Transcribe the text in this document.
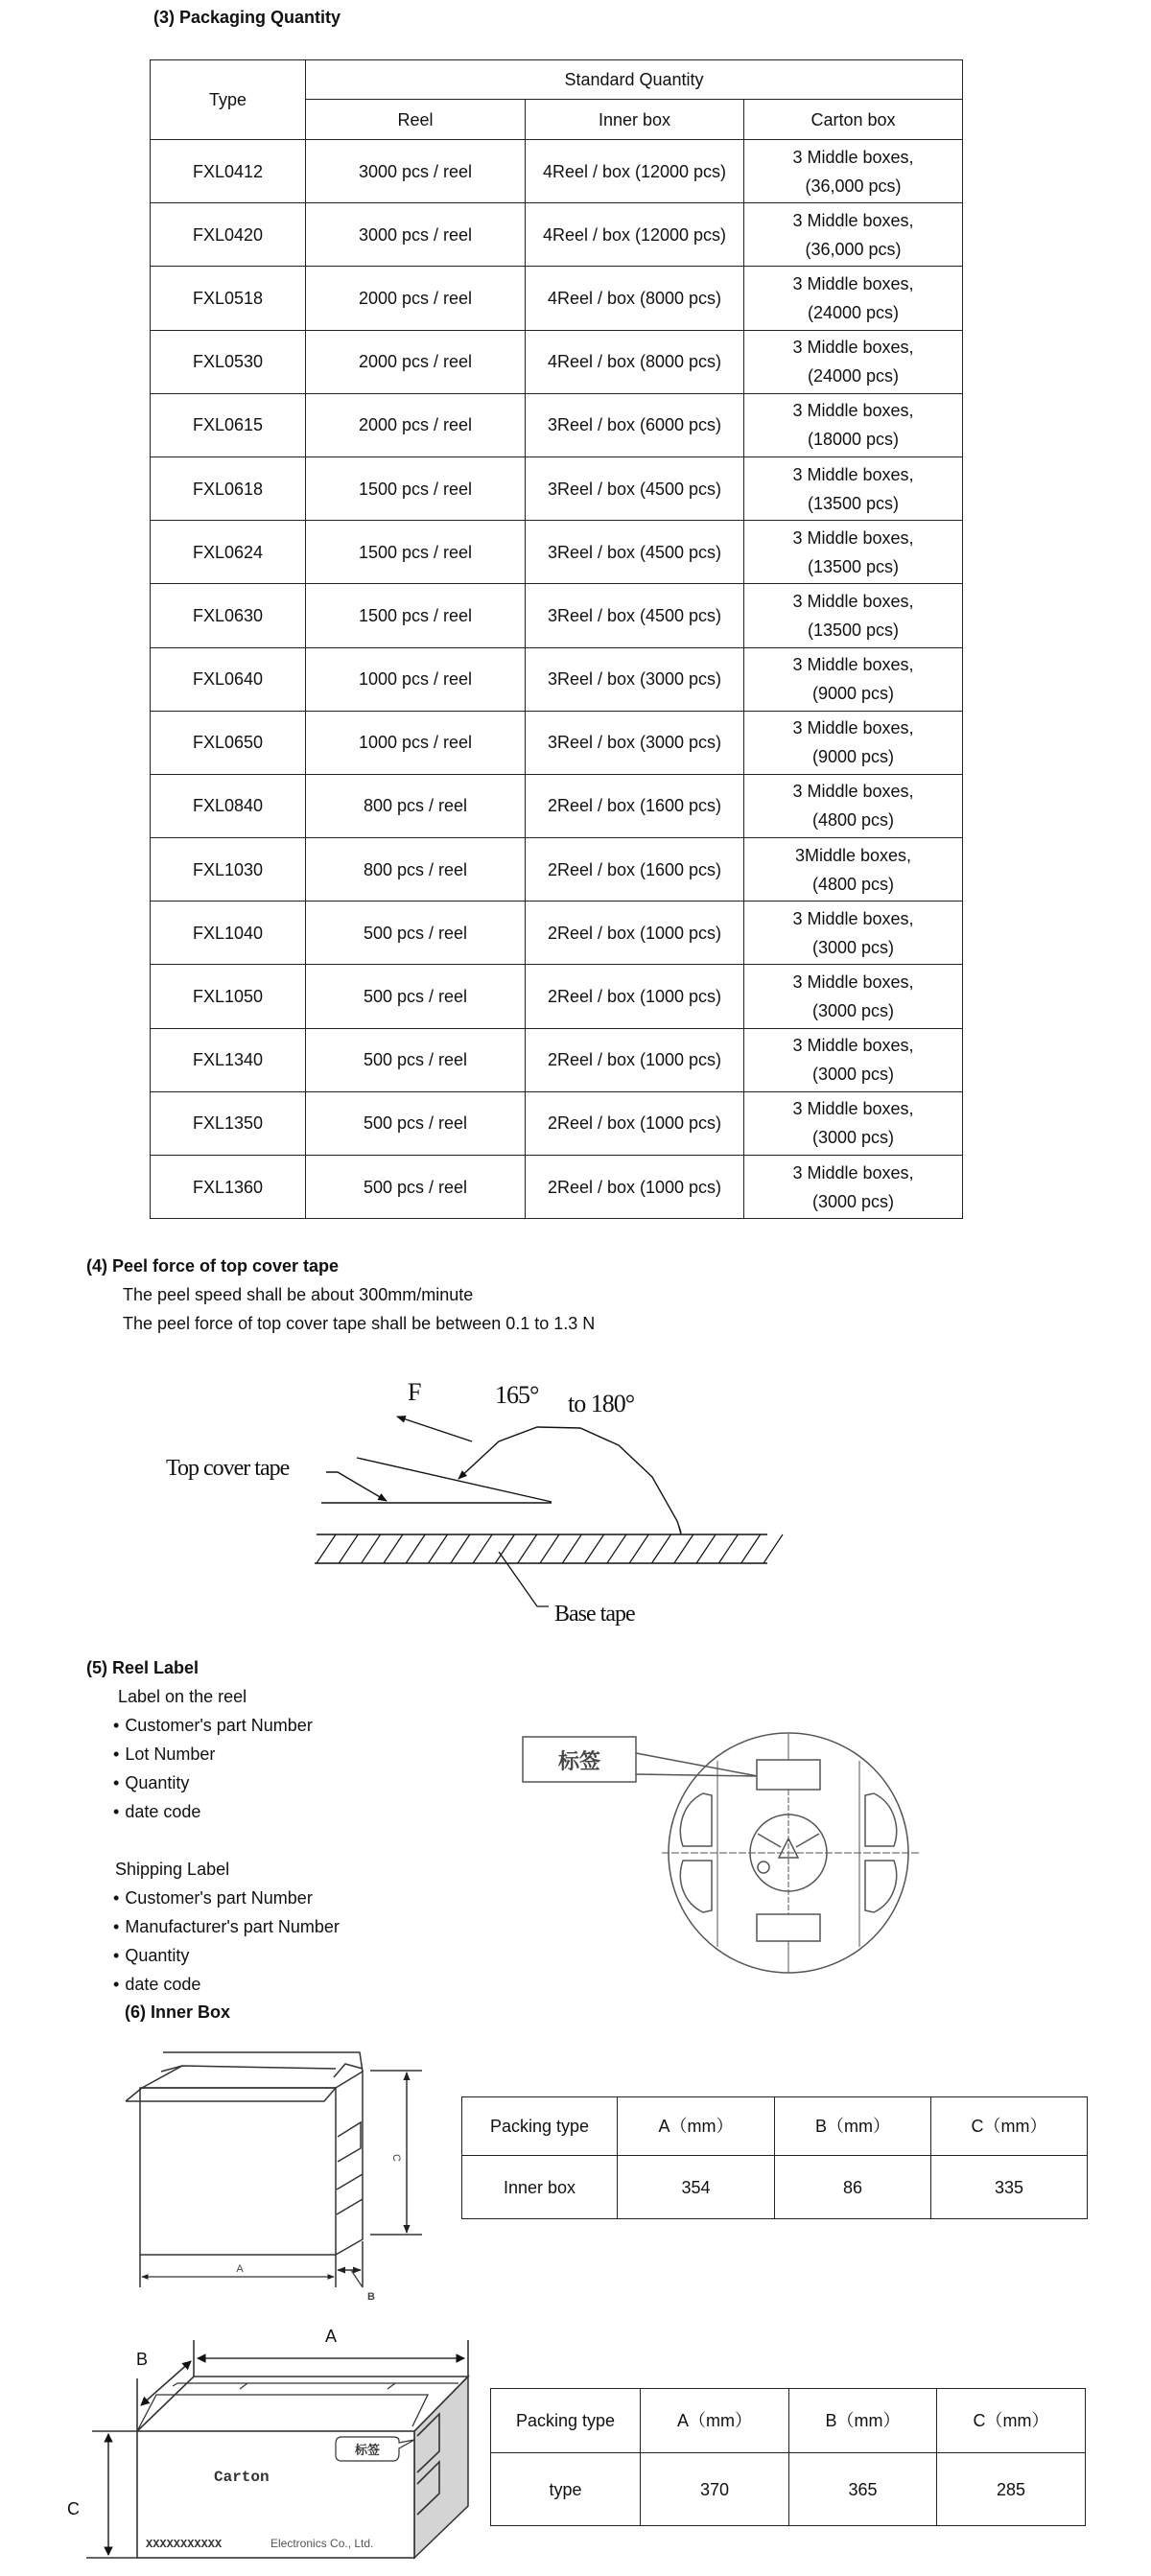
(3) Packaging Quantity
Type	Standard Quantity		
	Reel	Inner box	Carton box
FXL0412	3000 pcs / reel	4Reel / box (12000 pcs)	3 Middle boxes,
(36,000 pcs)

FXL0420	3000 pcs / reel	4Reel / box (12000 pcs)	3 Middle boxes,
(36,000 pcs)

FXL0518	2000 pcs / reel	4Reel / box (8000 pcs)	3 Middle boxes,
(24000 pcs)

FXL0530	2000 pcs / reel	4Reel / box (8000 pcs)	3 Middle boxes,
(24000 pcs)

FXL0615	2000 pcs / reel	3Reel / box (6000 pcs)	3 Middle boxes,
(18000 pcs)

FXL0618	1500 pcs / reel	3Reel / box (4500 pcs)	3 Middle boxes,
(13500 pcs)

FXL0624	1500 pcs / reel	3Reel / box (4500 pcs)	3 Middle boxes,
(13500 pcs)

FXL0630	1500 pcs / reel	3Reel / box (4500 pcs)	3 Middle boxes,
(13500 pcs)

FXL0640	1000 pcs / reel	3Reel / box (3000 pcs)	3 Middle boxes,
(9000 pcs)

FXL0650	1000 pcs / reel	3Reel / box (3000 pcs)	3 Middle boxes,
(9000 pcs)

FXL0840	800 pcs / reel	2Reel / box (1600 pcs)	3 Middle boxes,
(4800 pcs)

FXL1030	800 pcs / reel	2Reel / box (1600 pcs)	3Middle boxes,
(4800 pcs)

FXL1040	500 pcs / reel	2Reel / box (1000 pcs)	3 Middle boxes,
(3000 pcs)

FXL1050	500 pcs / reel	2Reel / box (1000 pcs)	3 Middle boxes,
(3000 pcs)

FXL1340	500 pcs / reel	2Reel / box (1000 pcs)	3 Middle boxes,
(3000 pcs)

FXL1350	500 pcs / reel	2Reel / box (1000 pcs)	3 Middle boxes,
(3000 pcs)

FXL1360	500 pcs / reel	2Reel / box (1000 pcs)	3 Middle boxes,
(3000 pcs)
(4) Peel force of top cover tape
The peel speed shall be about 300mm/minute
The peel force of top cover tape shall be between 0.1 to 1.3 N
F	165° to 180°
Top cover tape
Base tape
(5) Reel Label
Label on the reel
• Customer's part Number
• Lot Number
• Quantity
• date code
Shipping Label
• Customer's part Number
• Manufacturer's part Number
• Quantity
• date code
标签
(6) Inner Box
A
B
C
Packing type	A（mm）	B（mm）	C（mm）
Inner box	354	86	335
A
B
C
Carton
XXXXXXXXXXX	Electronics Co., Ltd.
标签
Packing type	A（mm）	B（mm）	C（mm）
type	370	365	285
